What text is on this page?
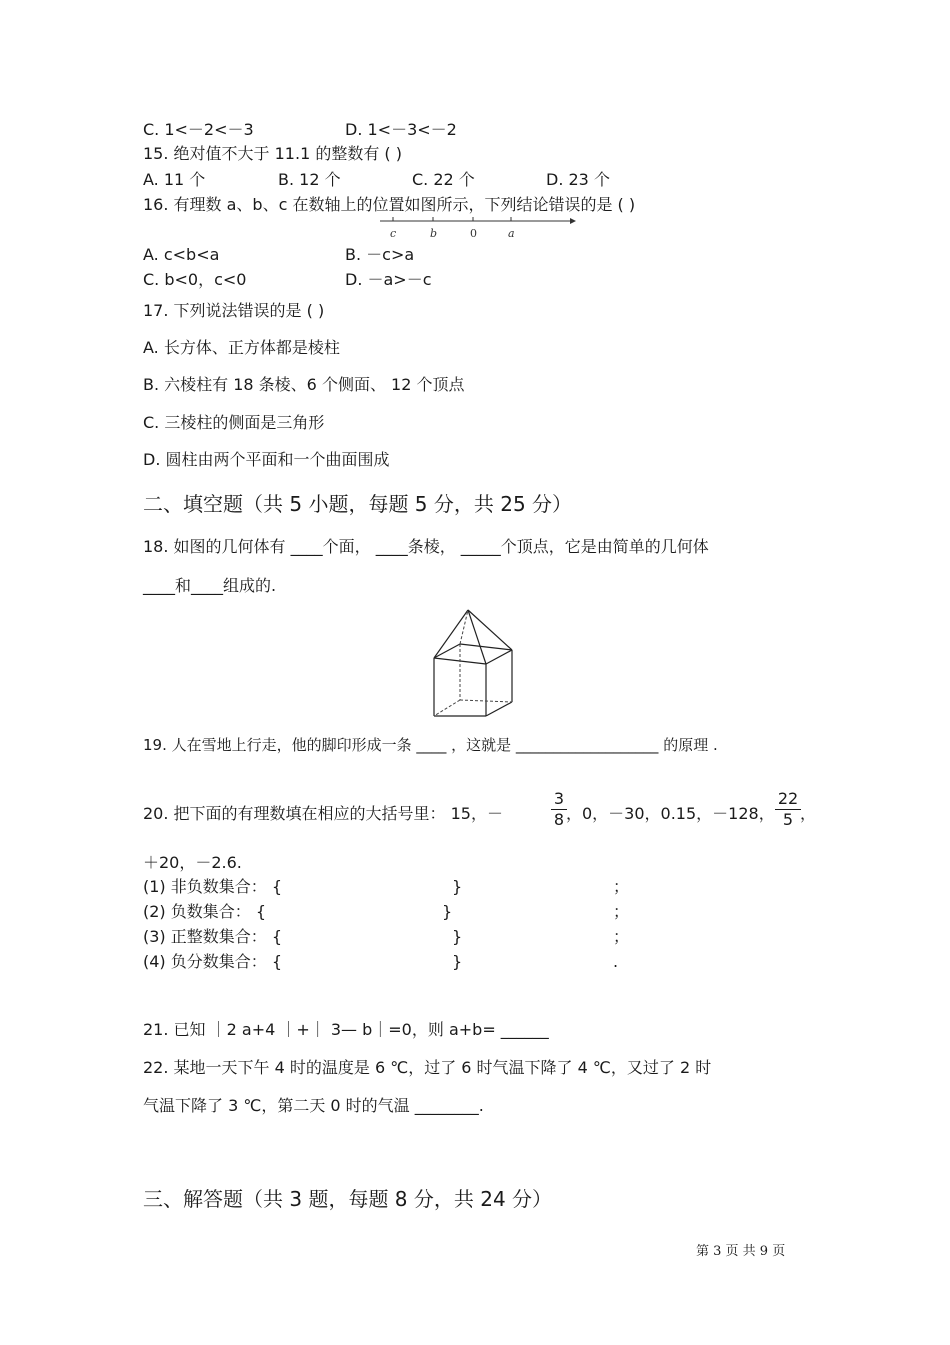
C. 1<－2<－3	D. 1<－3<－2
15. 绝对值不大于 11.1 的整数有 ( )
A. 11 个	B. 12 个	C. 22 个	D. 23 个
16. 有理数 a、b、c 在数轴上的位置如图所示，下列结论错误的是 ( )
c	b	0	a
A. c<b<a	B. －c>a
C. b<0，c<0	D. －a>－c
17. 下列说法错误的是 ( )
A. 长方体、正方体都是棱柱
B. 六棱柱有 18 条棱、6 个侧面、 12 个顶点
C. 三棱柱的侧面是三角形
D. 圆柱由两个平面和一个曲面围成
二、填空题（共 5 小题，每题 5 分，共 25 分）
18. 如图的几何体有 ____个面， ____条棱， _____个顶点，它是由简单的几何体
____和____组成的.
19. 人在雪地上行走，他的脚印形成一条 ____ ，这就是 ___________________ 的原理 .
20. 把下面的有理数填在相应的大括号里： 15，－	$\frac{3}{8}$ ，0，－30，0.15，－128， $\frac{22}{5}$ ，
＋20，－2.6.
(1) 非负数集合： {	}	；
(2) 负数集合： {	}	；
(3) 正整数集合： {	}	；
(4) 负分数集合： {	}	.
21. 已知 ｜2 a+4 ｜+｜ 3— b｜=0，则 a+b= ______
22. 某地一天下午 4 时的温度是 6 ℃，过了 6 时气温下降了 4 ℃，又过了 2 时
气温下降了 3 ℃，第二天 0 时的气温 ________.
三、解答题（共 3 题，每题 8 分，共 24 分）
第 3 页 共 9 页
